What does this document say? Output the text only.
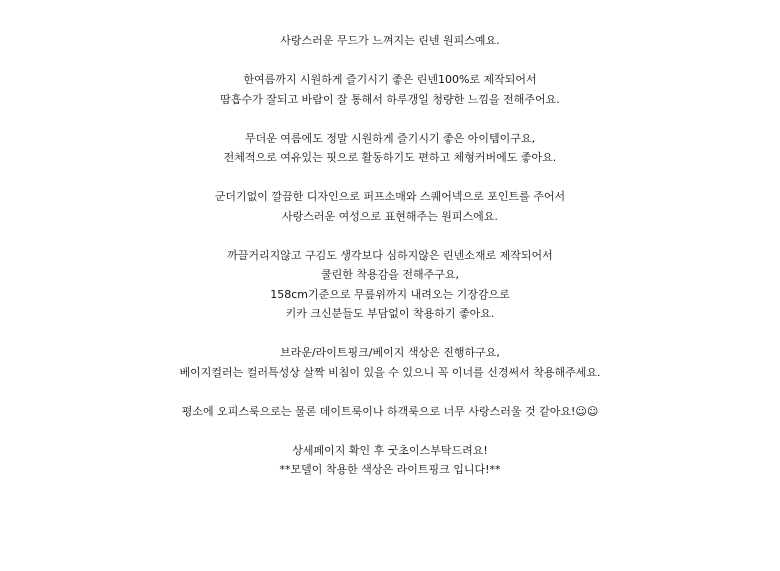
사랑스러운 무드가 느껴지는 린넨 원피스예요.

한여름까지 시원하게 즐기시기 좋은 린넨100%로 제작되어서
땀흡수가 잘되고 바람이 잘 통해서 하루갱일 청량한 느낌을 전해주어요.

무더운 여름에도 정말 시원하게 즐기시기 좋은 아이템이구요,
전체적으로 여유있는 핏으로 활동하기도 편하고 체형커버에도 좋아요.

군더기없이 깔끔한 디자인으로 퍼프소매와 스퀘어넥으로 포인트를 주어서
사랑스러운 여성으로 표현해주는 원피스에요.

까끌거리지않고 구김도 생각보다 심하지않은 린넨소재로 제작되어서
쿨린한 착용감을 전해주구요,
158cm기준으로 무릎위까지 내려오는 기장감으로
키카 크신분들도 부담없이 착용하기 좋아요.

브라운/라이트핑크/베이지 색상은 진행하구요,
베이지컬러는 컬러특성상 살짝 비침이 있을 수 있으니 꼭 이너를 신경써서 착용해주세요.

평소에 오피스룩으로는 물론 데이트룩이나 하객룩으로 너무 사랑스러울 것 같아요!☺☺

상세페이지 확인 후 굿초이스부탁드려요!
**모델이 착용한 색상은 라이트핑크 입니다!**
